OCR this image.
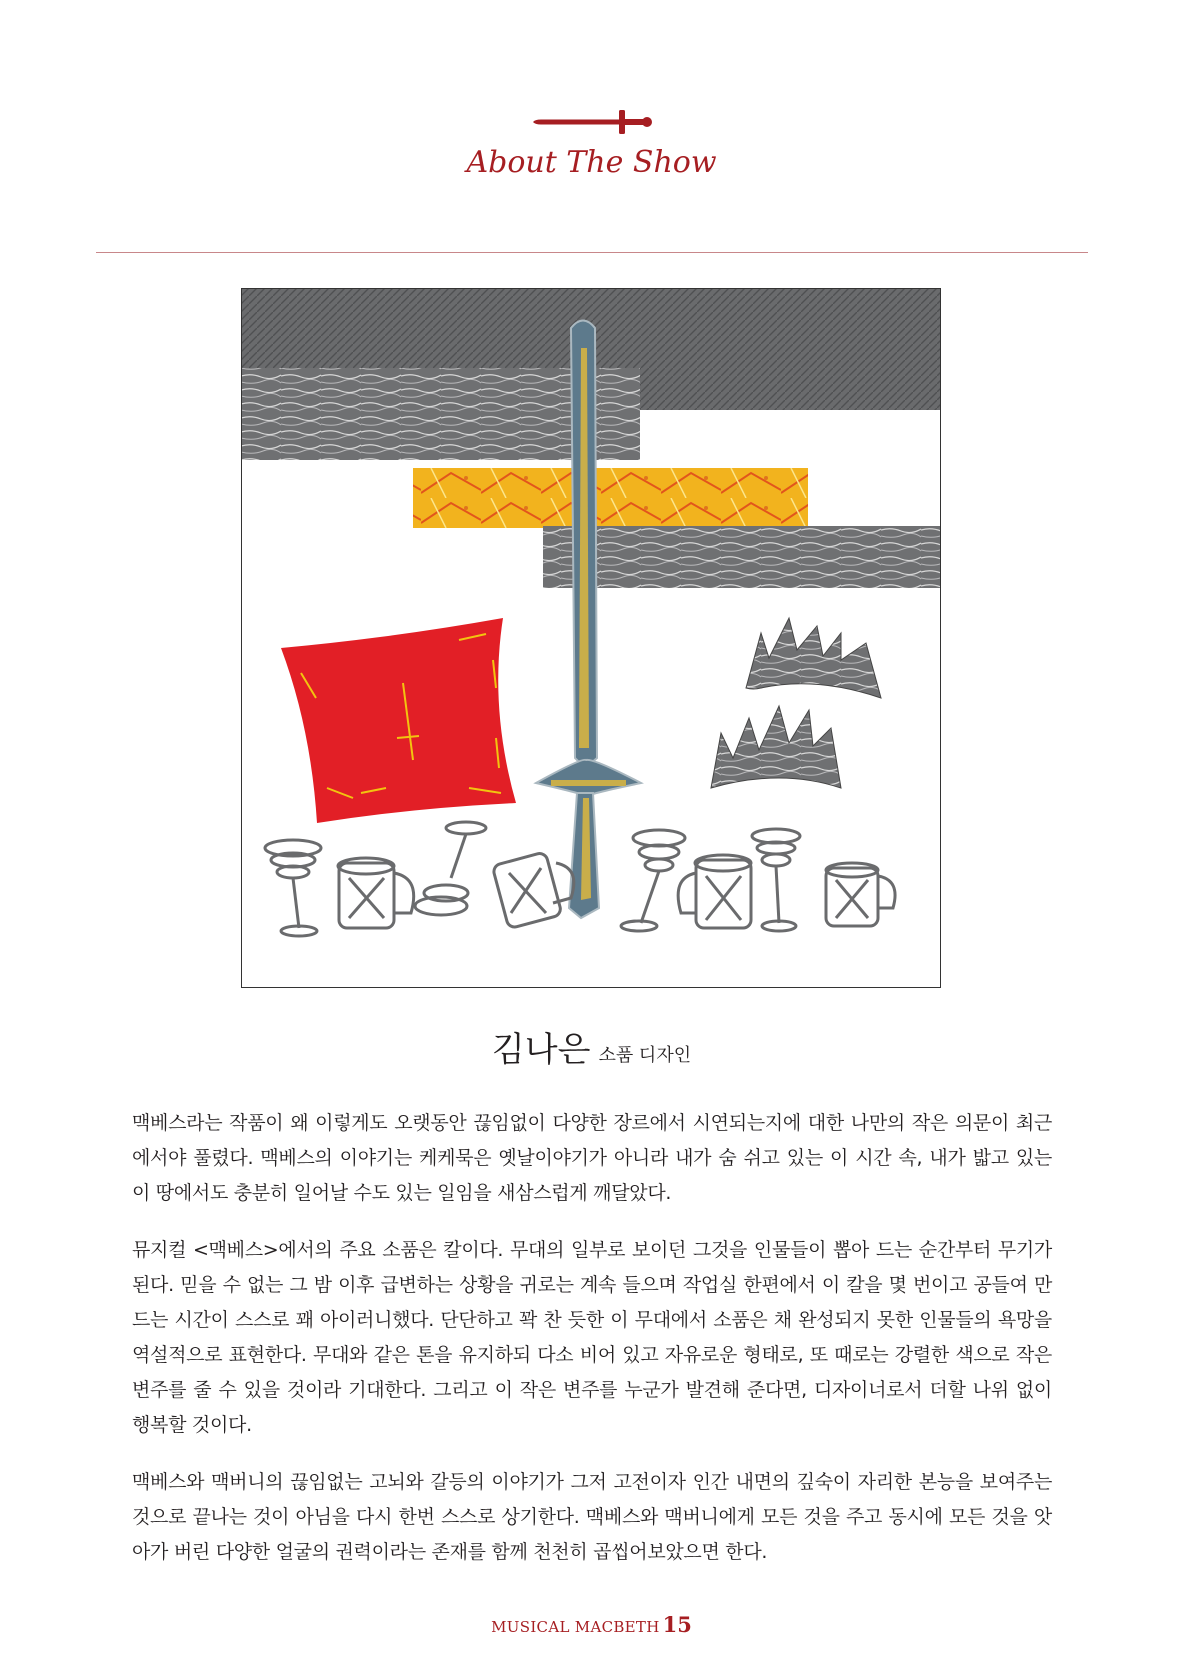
About The Show
김나은 소품 디자인

맥베스라는 작품이 왜 이렇게도 오랫동안 끊임없이 다양한 장르에서 시연되는지에 대한 나만의 작은 의문이 최근에서야 풀렸다. 맥베스의 이야기는 케케묵은 옛날이야기가 아니라 내가 숨 쉬고 있는 이 시간 속, 내가 밟고 있는 이 땅에서도 충분히 일어날 수도 있는 일임을 새삼스럽게 깨달았다.

뮤지컬 <맥베스>에서의 주요 소품은 칼이다. 무대의 일부로 보이던 그것을 인물들이 뽑아 드는 순간부터 무기가 된다. 믿을 수 없는 그 밤 이후 급변하는 상황을 귀로는 계속 들으며 작업실 한편에서 이 칼을 몇 번이고 공들여 만드는 시간이 스스로 꽤 아이러니했다. 단단하고 꽉 찬 듯한 이 무대에서 소품은 채 완성되지 못한 인물들의 욕망을 역설적으로 표현한다. 무대와 같은 톤을 유지하되 다소 비어 있고 자유로운 형태로, 또 때로는 강렬한 색으로 작은 변주를 줄 수 있을 것이라 기대한다. 그리고 이 작은 변주를 누군가 발견해 준다면, 디자이너로서 더할 나위 없이 행복할 것이다.

맥베스와 맥버니의 끊임없는 고뇌와 갈등의 이야기가 그저 고전이자 인간 내면의 깊숙이 자리한 본능을 보여주는 것으로 끝나는 것이 아님을 다시 한번 스스로 상기한다. 맥베스와 맥버니에게 모든 것을 주고 동시에 모든 것을 앗아가 버린 다양한 얼굴의 권력이라는 존재를 함께 천천히 곱씹어보았으면 한다.

MUSICAL MACBETH 15
